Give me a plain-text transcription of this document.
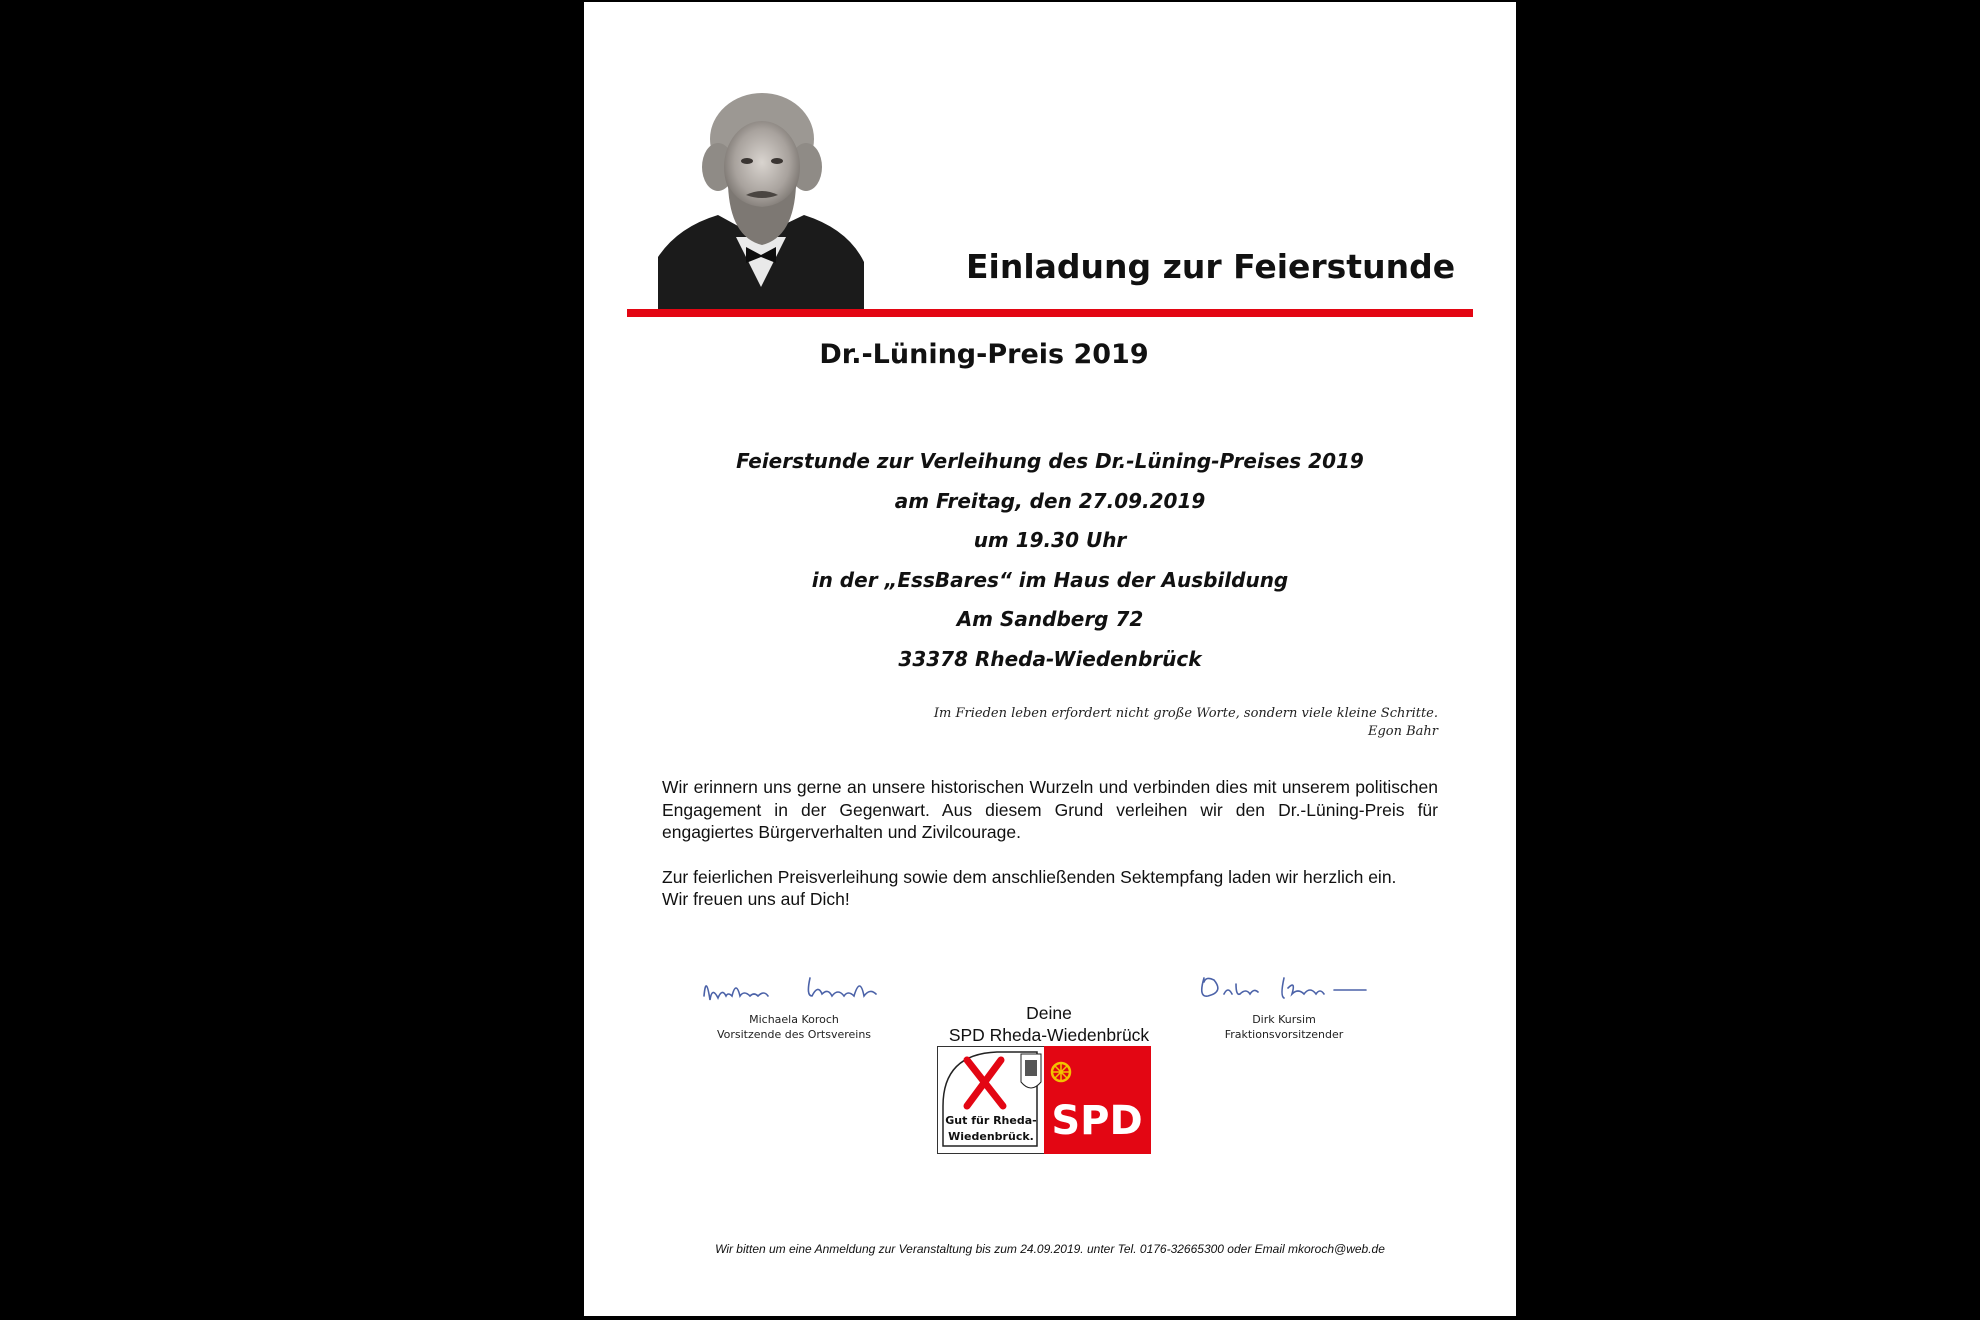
Einladung zur Feierstunde
Dr.-Lüning-Preis 2019
Feierstunde zur Verleihung des Dr.-Lüning-Preises 2019
am Freitag, den 27.09.2019
um 19.30 Uhr
in der „EssBares“ im Haus der Ausbildung
Am Sandberg 72
33378 Rheda-Wiedenbrück
Im Frieden leben erfordert nicht große Worte, sondern viele kleine Schritte.
Egon Bahr

Wir erinnern uns gerne an unsere historischen Wurzeln und verbinden dies mit unserem politischen Engagement in der Gegenwart. Aus diesem Grund verleihen wir den Dr.-Lüning-Preis für engagiertes Bürgerverhalten und Zivilcourage.

Zur feierlichen Preisverleihung sowie dem anschließenden Sektempfang laden wir herzlich ein.

Wir freuen uns auf Dich!

Michaela Koroch
Vorsitzende des Ortsvereins
Dirk Kursim
Fraktionsvorsitzender
Deine
SPD Rheda-Wiedenbrück
Gut für Rheda-
Wiedenbrück. SPD
Wir bitten um eine Anmeldung zur Veranstaltung bis zum 24.09.2019. unter Tel. 0176-32665300 oder Email mkoroch@web.de
